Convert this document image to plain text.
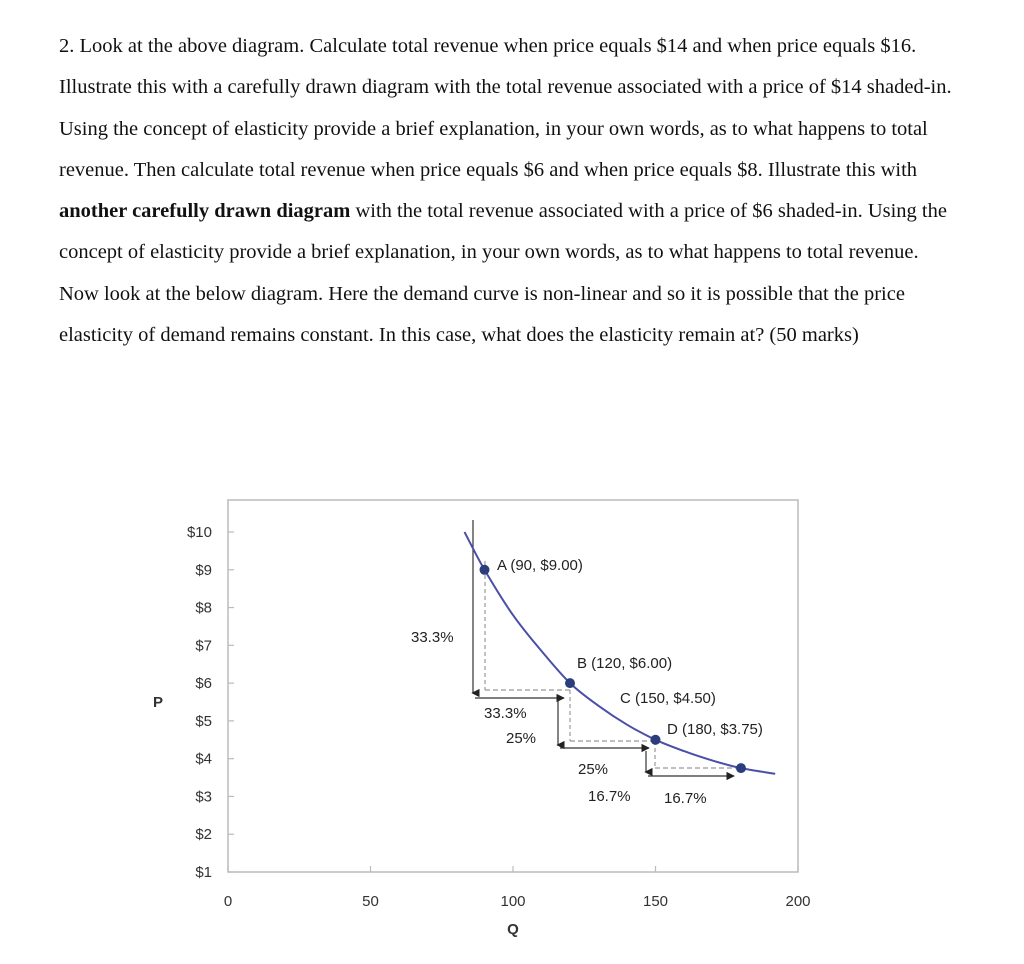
2. Look at the above diagram. Calculate total revenue when price equals $14 and when price equals $16. Illustrate this with a carefully drawn diagram with the total revenue associated with a price of $14 shaded-in. Using the concept of elasticity provide a brief explanation, in your own words, as to what happens to total revenue. Then calculate total revenue when price equals $6 and when price equals $8. Illustrate this with another carefully drawn diagram with the total revenue associated with a price of $6 shaded-in. Using the concept of elasticity provide a brief explanation, in your own words, as to what happens to total revenue.

Now look at the below diagram. Here the demand curve is non-linear and so it is possible that the price elasticity of demand remains constant. In this case, what does the elasticity remain at? (50 marks)

P
Q
$10
$9
$8
$7
$6
$5
$4
$3
$2
$1
0	50	100	150	200
A (90, $9.00)
B (120, $6.00)
C (150, $4.50)
D (180, $3.75)
33.3%
33.3%
25%
25%
16.7% 16.7%
